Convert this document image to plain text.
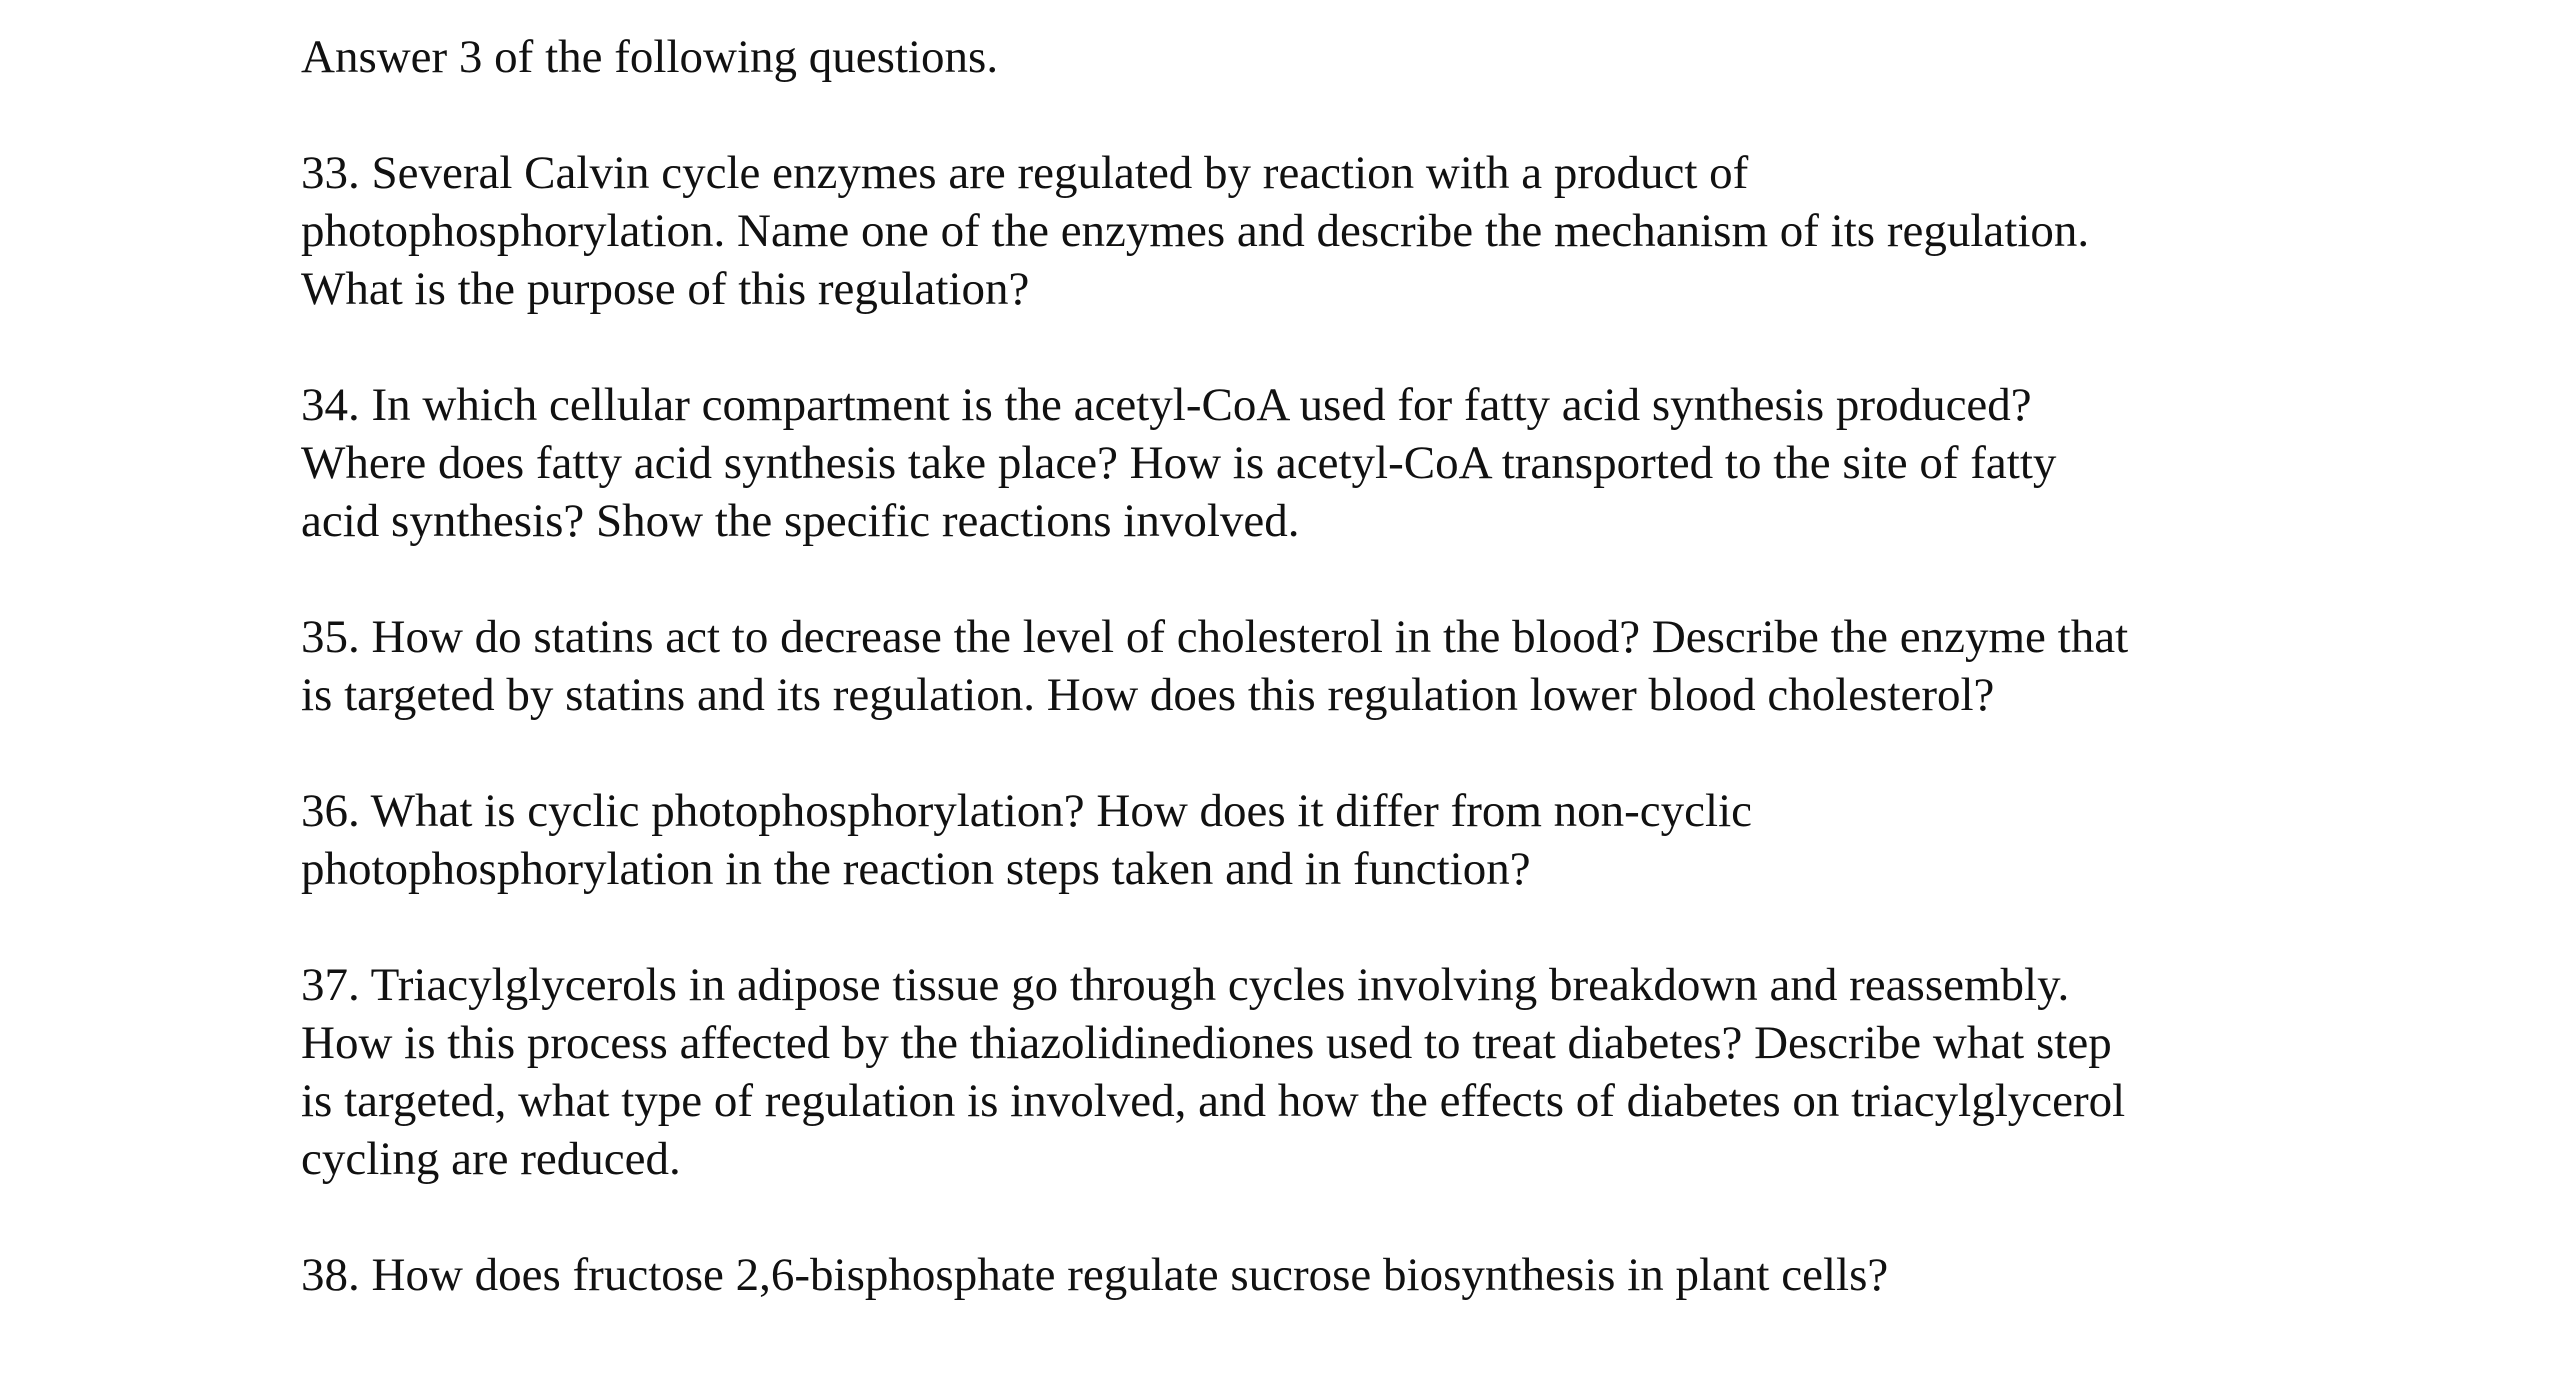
Answer 3 of the following questions.

33. Several Calvin cycle enzymes are regulated by reaction with a product of
photophosphorylation. Name one of the enzymes and describe the mechanism of its regulation.
What is the purpose of this regulation?
34. In which cellular compartment is the acetyl-CoA used for fatty acid synthesis produced?
Where does fatty acid synthesis take place? How is acetyl-CoA transported to the site of fatty
acid synthesis? Show the specific reactions involved.
35. How do statins act to decrease the level of cholesterol in the blood? Describe the enzyme that
is targeted by statins and its regulation. How does this regulation lower blood cholesterol?
36. What is cyclic photophosphorylation? How does it differ from non-cyclic
photophosphorylation in the reaction steps taken and in function?
37. Triacylglycerols in adipose tissue go through cycles involving breakdown and reassembly.
How is this process affected by the thiazolidinediones used to treat diabetes? Describe what step
is targeted, what type of regulation is involved, and how the effects of diabetes on triacylglycerol
cycling are reduced.
38. How does fructose 2,6-bisphosphate regulate sucrose biosynthesis in plant cells?
